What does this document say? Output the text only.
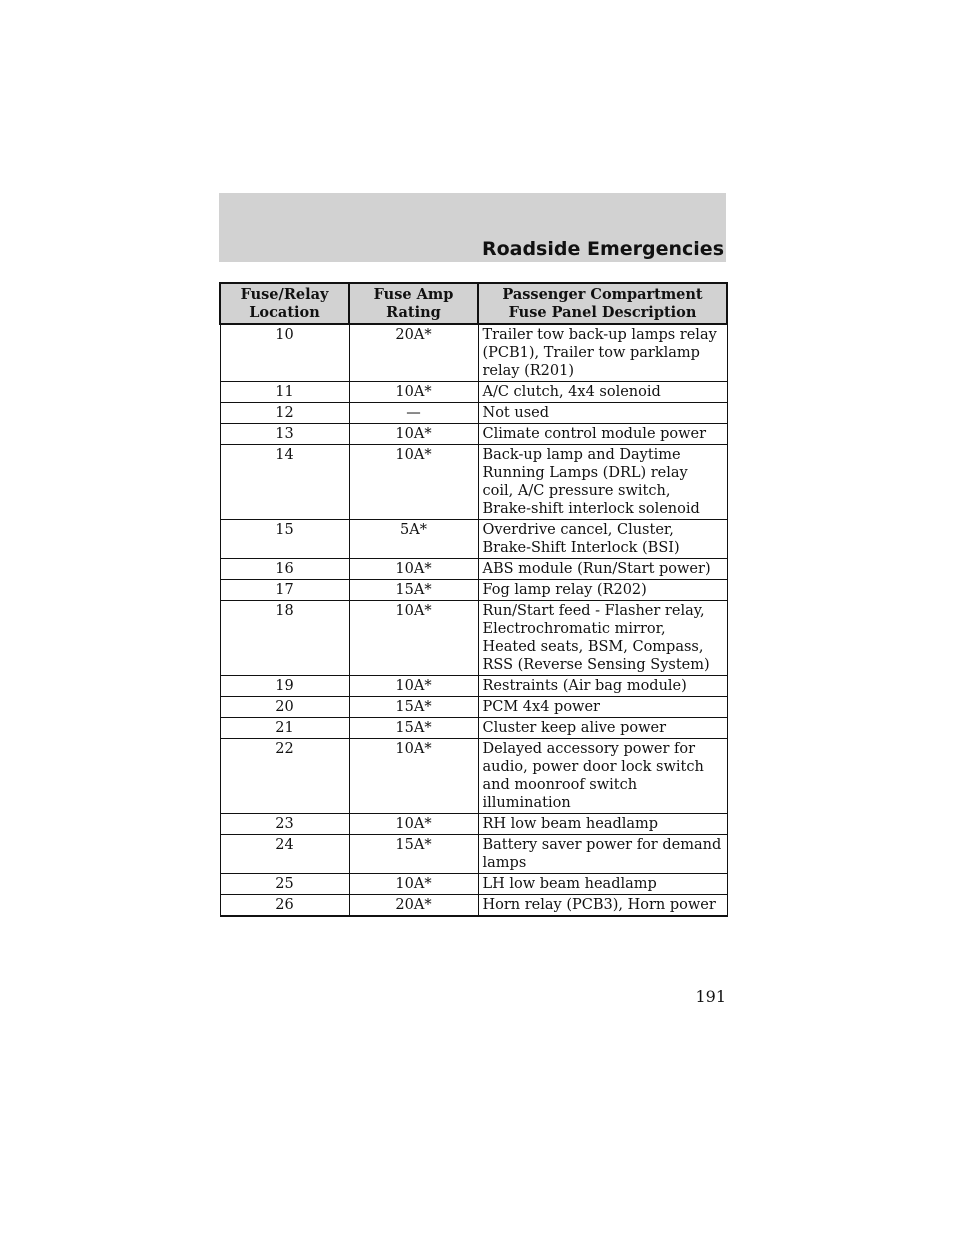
Roadside Emergencies
Fuse/Relay Location	Fuse Amp Rating	Passenger Compartment Fuse Panel Description
10	20A*	Trailer tow back-up lamps relay (PCB1), Trailer tow parklamp relay (R201)
11	10A*	A/C clutch, 4x4 solenoid
12	—	Not used
13	10A*	Climate control module power
14	10A*	Back-up lamp and Daytime Running Lamps (DRL) relay coil, A/C pressure switch, Brake-shift interlock solenoid
15	5A*	Overdrive cancel, Cluster, Brake-Shift Interlock (BSI)
16	10A*	ABS module (Run/Start power)
17	15A*	Fog lamp relay (R202)
18	10A*	Run/Start feed - Flasher relay, Electrochromatic mirror, Heated seats, BSM, Compass, RSS (Reverse Sensing System)
19	10A*	Restraints (Air bag module)
20	15A*	PCM 4x4 power
21	15A*	Cluster keep alive power
22	10A*	Delayed accessory power for audio, power door lock switch and moonroof switch illumination
23	10A*	RH low beam headlamp
24	15A*	Battery saver power for demand lamps
25	10A*	LH low beam headlamp
26	20A*	Horn relay (PCB3), Horn power
191
